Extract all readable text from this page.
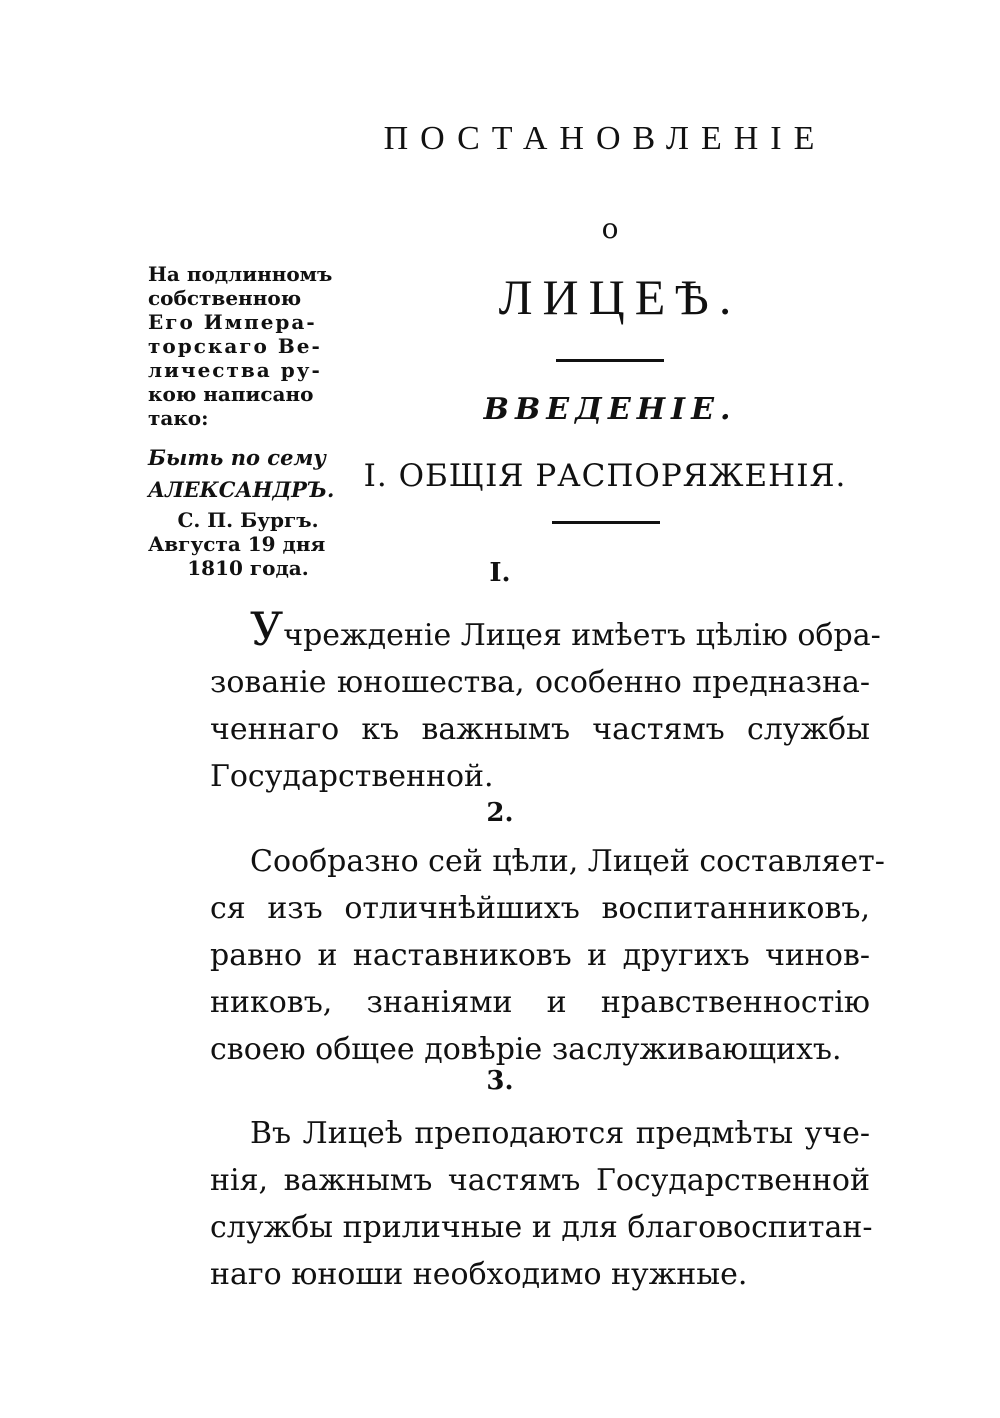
ПОСТАНОВЛЕНІЕ
о
ЛИЦЕѢ.
ВВЕДЕНІЕ.
I. ОБЩІЯ РАСПОРЯЖЕНІЯ.
На подлинномъ
собственною
Его Импера-
торскаго Ве-
личества ру-
кою написано
тако:
Быть по сему
АЛЕКСАНДРЪ.
С. П. Бургъ.
Августа 19 дня
1810 года.	I.
Учрежденіе Лицея имѣетъ цѣлію обра-
зованіе юношества, особенно предназна-
ченнаго къ важнымъ частямъ службы
Государственной.
2.
Сообразно сей цѣли, Лицей составляет-
ся изъ отличнѣйшихъ воспитанниковъ,
равно и наставниковъ и другихъ чинов-
никовъ, знаніями и нравственностію
своею общее довѣріе заслуживающихъ.
3.
Въ Лицеѣ преподаются предмѣты уче-
нія, важнымъ частямъ Государственной
службы приличные и для благовоспитан-
наго юноши необходимо нужные.
